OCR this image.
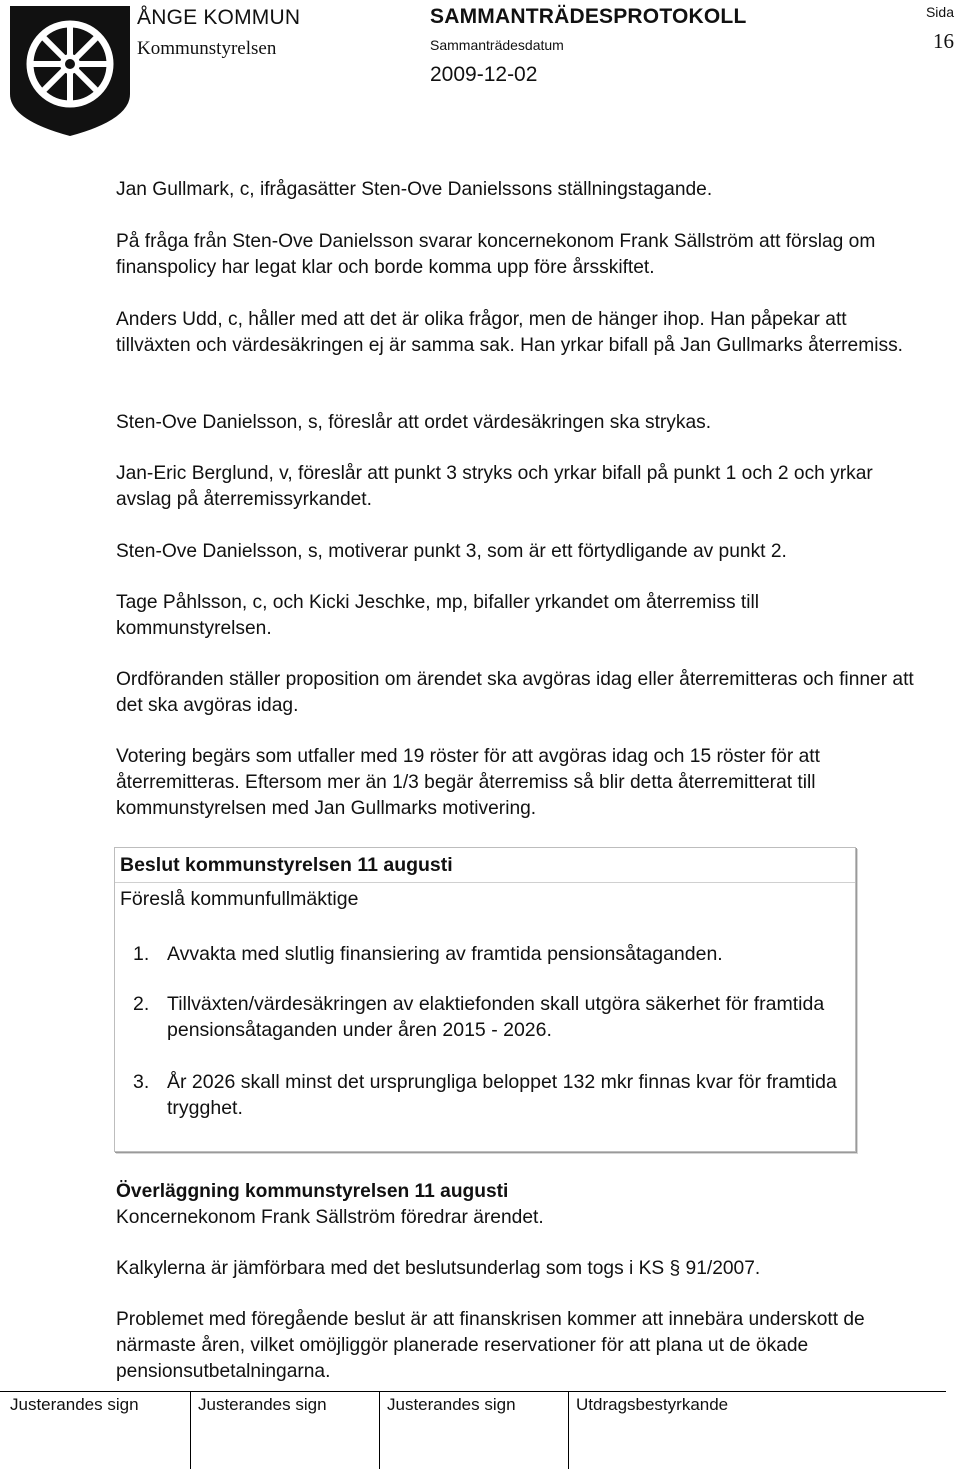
ÅNGE KOMMUN
Kommunstyrelsen
SAMMANTRÄDESPROTOKOLL
Sammanträdesdatum
2009-12-02
Sida
16

Jan Gullmark, c, ifrågasätter Sten-Ove Danielssons ställningstagande.

På fråga från Sten-Ove Danielsson svarar koncernekonom Frank Sällström att förslag om finanspolicy har legat klar och borde komma upp före årsskiftet.

Anders Udd, c, håller med att det är olika frågor, men de hänger ihop. Han påpekar att tillväxten och värdesäkringen ej är samma sak. Han yrkar bifall på Jan Gullmarks återremiss.

Sten-Ove Danielsson, s, föreslår att ordet värdesäkringen ska strykas.

Jan-Eric Berglund, v, föreslår att punkt 3 stryks och yrkar bifall på punkt 1 och 2 och yrkar avslag på återremissyrkandet.

Sten-Ove Danielsson, s, motiverar punkt 3, som är ett förtydligande av punkt 2.

Tage Påhlsson, c, och Kicki Jeschke, mp, bifaller yrkandet om återremiss till kommunstyrelsen.

Ordföranden ställer proposition om ärendet ska avgöras idag eller återremitteras och finner att det ska avgöras idag.

Votering begärs som utfaller med 19 röster för att avgöras idag och 15 röster för att återremitteras. Eftersom mer än 1/3 begär återremiss så blir detta återremitterat till kommunstyrelsen med Jan Gullmarks motivering.

Beslut kommunstyrelsen 11 augusti
Föreslå kommunfullmäktige
1. Avvakta med slutlig finansiering av framtida pensionsåtaganden.
2. Tillväxten/värdesäkringen av elaktiefonden skall utgöra säkerhet för framtida pensionsåtaganden under åren 2015 - 2026.
3. År 2026 skall minst det ursprungliga beloppet 132 mkr finnas kvar för framtida trygghet.
Överläggning kommunstyrelsen 11 augusti
Koncernekonom Frank Sällström föredrar ärendet.
Kalkylerna är jämförbara med det beslutsunderlag som togs i KS § 91/2007.
Problemet med föregående beslut är att finanskrisen kommer att innebära underskott de närmaste åren, vilket omöjliggör planerade reservationer för att plana ut de ökade pensionsutbetalningarna.
Justerandes sign	Justerandes sign	Justerandes sign	Utdragsbestyrkande
